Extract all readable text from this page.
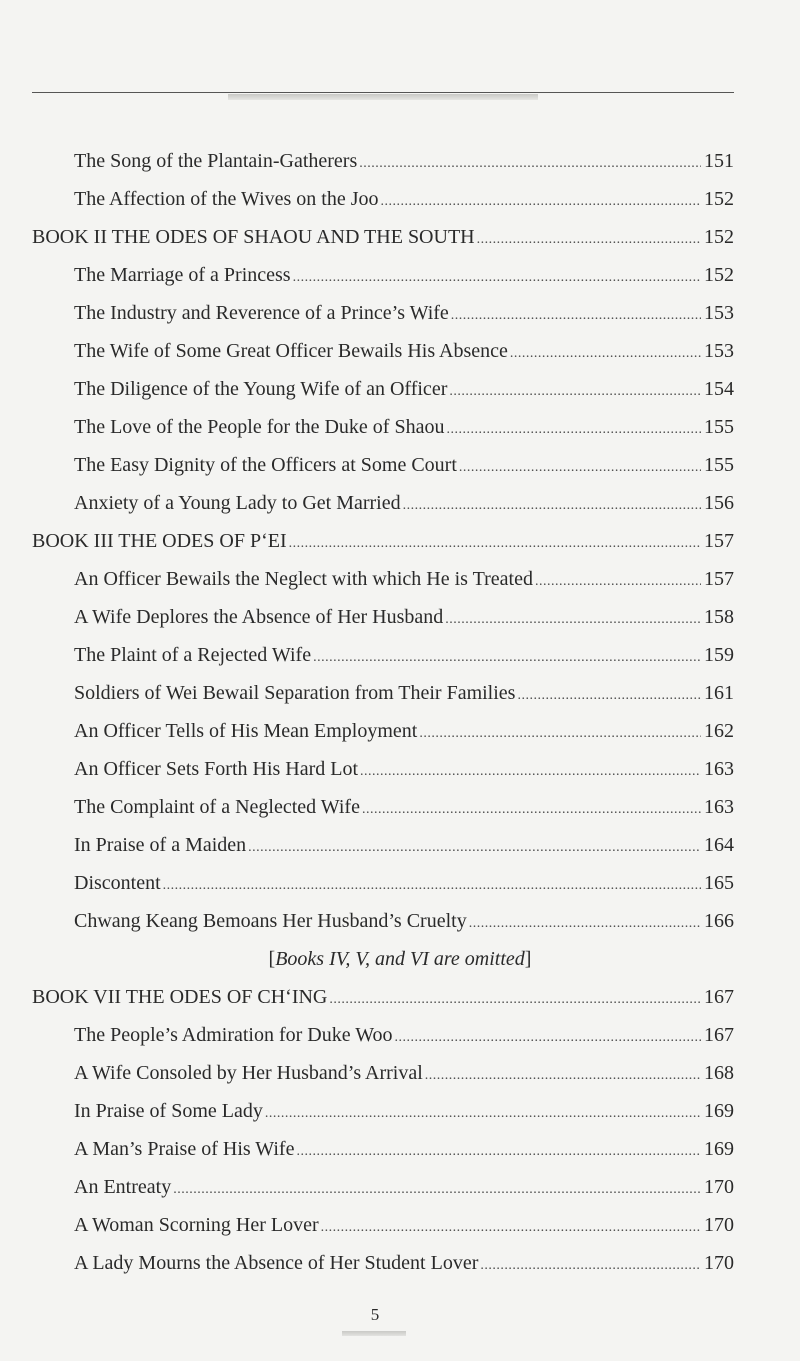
The Song of the Plantain-Gatherers .....	151
The Affection of the Wives on the Joo .....	152
BOOK II THE ODES OF SHAOU AND THE SOUTH .....	152
The Marriage of a Princess .....	152
The Industry and Reverence of a Prince’s Wife .....	153
The Wife of Some Great Officer Bewails His Absence .....	153
The Diligence of the Young Wife of an Officer .....	154
The Love of the People for the Duke of Shaou .....	155
The Easy Dignity of the Officers at Some Court .....	155
Anxiety of a Young Lady to Get Married .....	156
BOOK III THE ODES OF P‘EI .....	157
An Officer Bewails the Neglect with which He is Treated .....	157
A Wife Deplores the Absence of Her Husband .....	158
The Plaint of a Rejected Wife .....	159
Soldiers of Wei Bewail Separation from Their Families .....	161
An Officer Tells of His Mean Employment .....	162
An Officer Sets Forth His Hard Lot .....	163
The Complaint of a Neglected Wife .....	163
In Praise of a Maiden .....	164
Discontent .....	165
Chwang Keang Bemoans Her Husband’s Cruelty .....	166
[Books IV, V, and VI are omitted]
BOOK VII THE ODES OF CH‘ING .....	167
The People’s Admiration for Duke Woo .....	167
A Wife Consoled by Her Husband’s Arrival .....	168
In Praise of Some Lady .....	169
A Man’s Praise of His Wife .....	169
An Entreaty .....	170
A Woman Scorning Her Lover .....	170
A Lady Mourns the Absence of Her Student Lover .....	170
5
